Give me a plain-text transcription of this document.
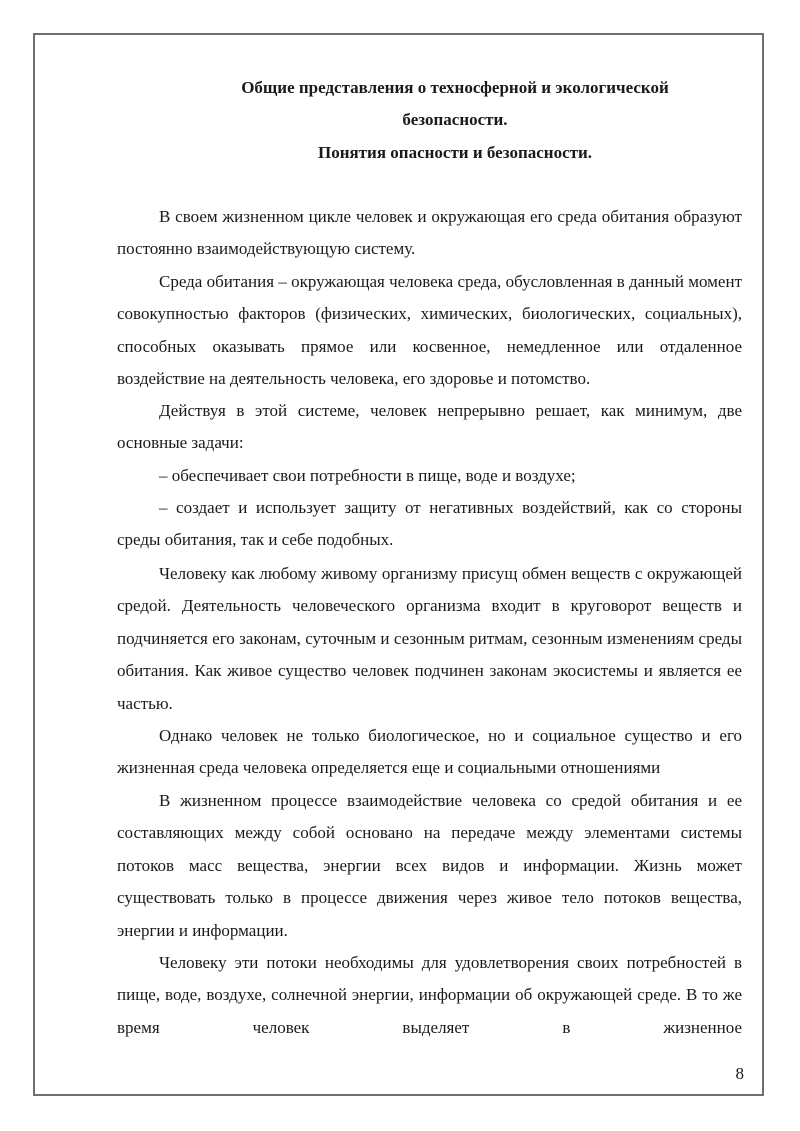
Общие представления о техносферной и экологической
безопасности.
Понятия опасности и безопасности.
В своем жизненном цикле человек и окружающая его среда обитания образуют постоянно взаимодействующую систему.
Среда обитания – окружающая человека среда, обусловленная в данный момент совокупностью факторов (физических, химических, биологических, социальных), способных оказывать прямое или косвенное, немедленное или отдаленное воздействие на деятельность человека, его здоровье и потомство.
Действуя в этой системе, человек непрерывно решает, как минимум, две основные задачи:
– обеспечивает свои потребности в пище, воде и воздухе;
– создает и использует защиту от негативных воздействий, как со стороны среды обитания, так и себе подобных.
Человеку как любому живому организму присущ обмен веществ с окружающей средой. Деятельность человеческого организма входит в круговорот веществ и подчиняется его законам, суточным и сезонным ритмам, сезонным изменениям среды обитания. Как живое существо человек подчинен законам экосистемы и является ее частью.
Однако человек не только биологическое, но и социальное существо и его жизненная среда человека определяется еще и социальными отношениями
В жизненном процессе взаимодействие человека со средой обитания и ее составляющих между собой основано на передаче между элементами системы потоков масс вещества, энергии всех видов и информации. Жизнь может существовать только в процессе движения через живое тело потоков вещества, энергии и информации.
Человеку эти потоки необходимы для удовлетворения своих потребностей в пище, воде, воздухе, солнечной энергии, информации об окружающей среде. В то же время человек выделяет в жизненное
8
